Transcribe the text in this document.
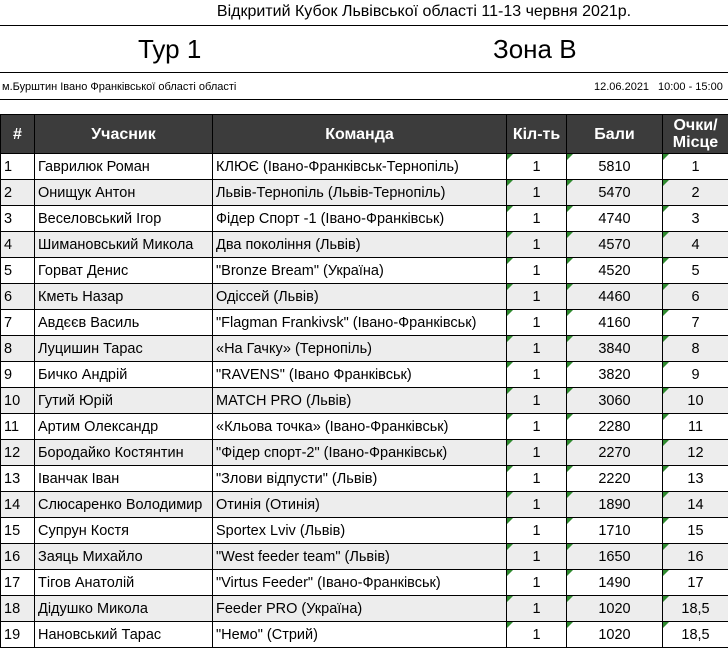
Відкритий Кубок Львівської області 11-13 червня 2021р.
Тур 1	Зона В
м.Бурштин Івано Франківської області області	12.06.2021 10:00 - 15:00
#	Учасник	Команда	Кіл-ть	Бали	Очки/ Місце
1	Гаврилюк Роман	КЛЮЄ (Івано-Франківськ-Тернопіль)	1	5810	1
2	Онищук Антон	Львів-Тернопіль (Львів-Тернопіль)	1	5470	2
3	Веселовський Ігор	Фідер Спорт -1 (Івано-Франківськ)	1	4740	3
4	Шимановський Микола	Два покоління (Львів)	1	4570	4
5	Горват Денис	"Bronze Bream" (Україна)	1	4520	5
6	Кметь Назар	Одіссей (Львів)	1	4460	6
7	Авдєєв Василь	"Flagman Frankivsk" (Івано-Франківськ)	1	4160	7
8	Луцишин Тарас	«На Гачку» (Тернопіль)	1	3840	8
9	Бичко Андрій	"RAVENS" (Івано Франківськ)	1	3820	9
10	Гутий Юрій	MATCH PRO (Львів)	1	3060	10
11	Артим Олександр	«Кльова точка» (Івано-Франківськ)	1	2280	11
12	Бородайко Костянтин	"Фідер спорт-2" (Івано-Франківськ)	1	2270	12
13	Іванчак Іван	"Злови відпусти" (Львів)	1	2220	13
14	Слюсаренко Володимир	Отинія (Отинія)	1	1890	14
15	Супрун Костя	Sportex Lviv (Львів)	1	1710	15
16	Заяць Михайло	"West feeder team" (Львів)	1	1650	16
17	Тігов Анатолій	"Virtus Feeder" (Івано-Франківськ)	1	1490	17
18	Дідушко Микола	Feeder PRO (Україна)	1	1020	18,5
19	Нановський Тарас	"Немо" (Стрий)	1	1020	18,5
